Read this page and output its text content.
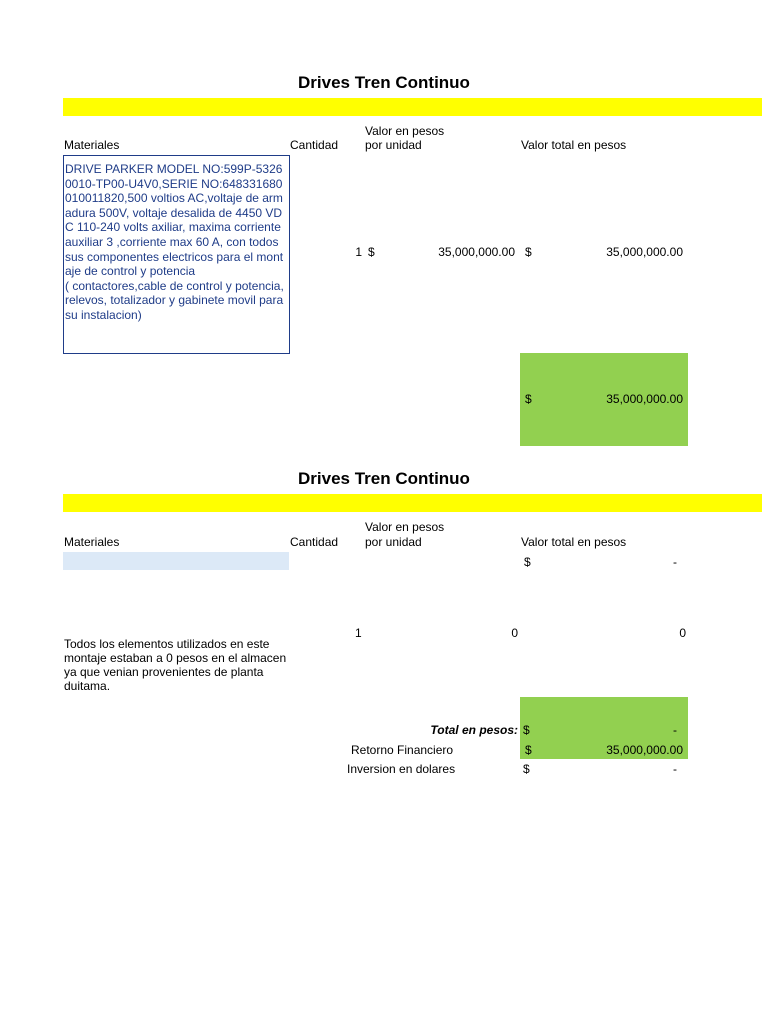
Drives Tren Continuo
Materiales	Cantidad
Valor en pesos
por unidad	Valor total en pesos
DRIVE PARKER MODEL NO:599P-53260010-TP00-U4V0,SERIE NO:648331680010011820,500 voltios AC,voltaje de armadura 500V, voltaje desalida de 4450 VDC 110-240 volts axiliar, maxima corriente auxiliar 3 ,corriente max 60 A, con todos sus componentes electricos para el montaje de control y potencia
( contactores,cable de control y potencia, relevos, totalizador y gabinete movil para su instalacion)
1 $	35,000,000.00 $	35,000,000.00
$	35,000,000.00
Drives Tren Continuo
Materiales	Cantidad
Valor en pesos
por unidad	Valor total en pesos
$	-
1	0	0
Todos los elementos utilizados en este montaje estaban a 0 pesos en el almacen ya que venian provenientes de planta duitama.
Total en pesos: $	-
Retorno Financiero	$	35,000,000.00
Inversion en dolares	$	-
